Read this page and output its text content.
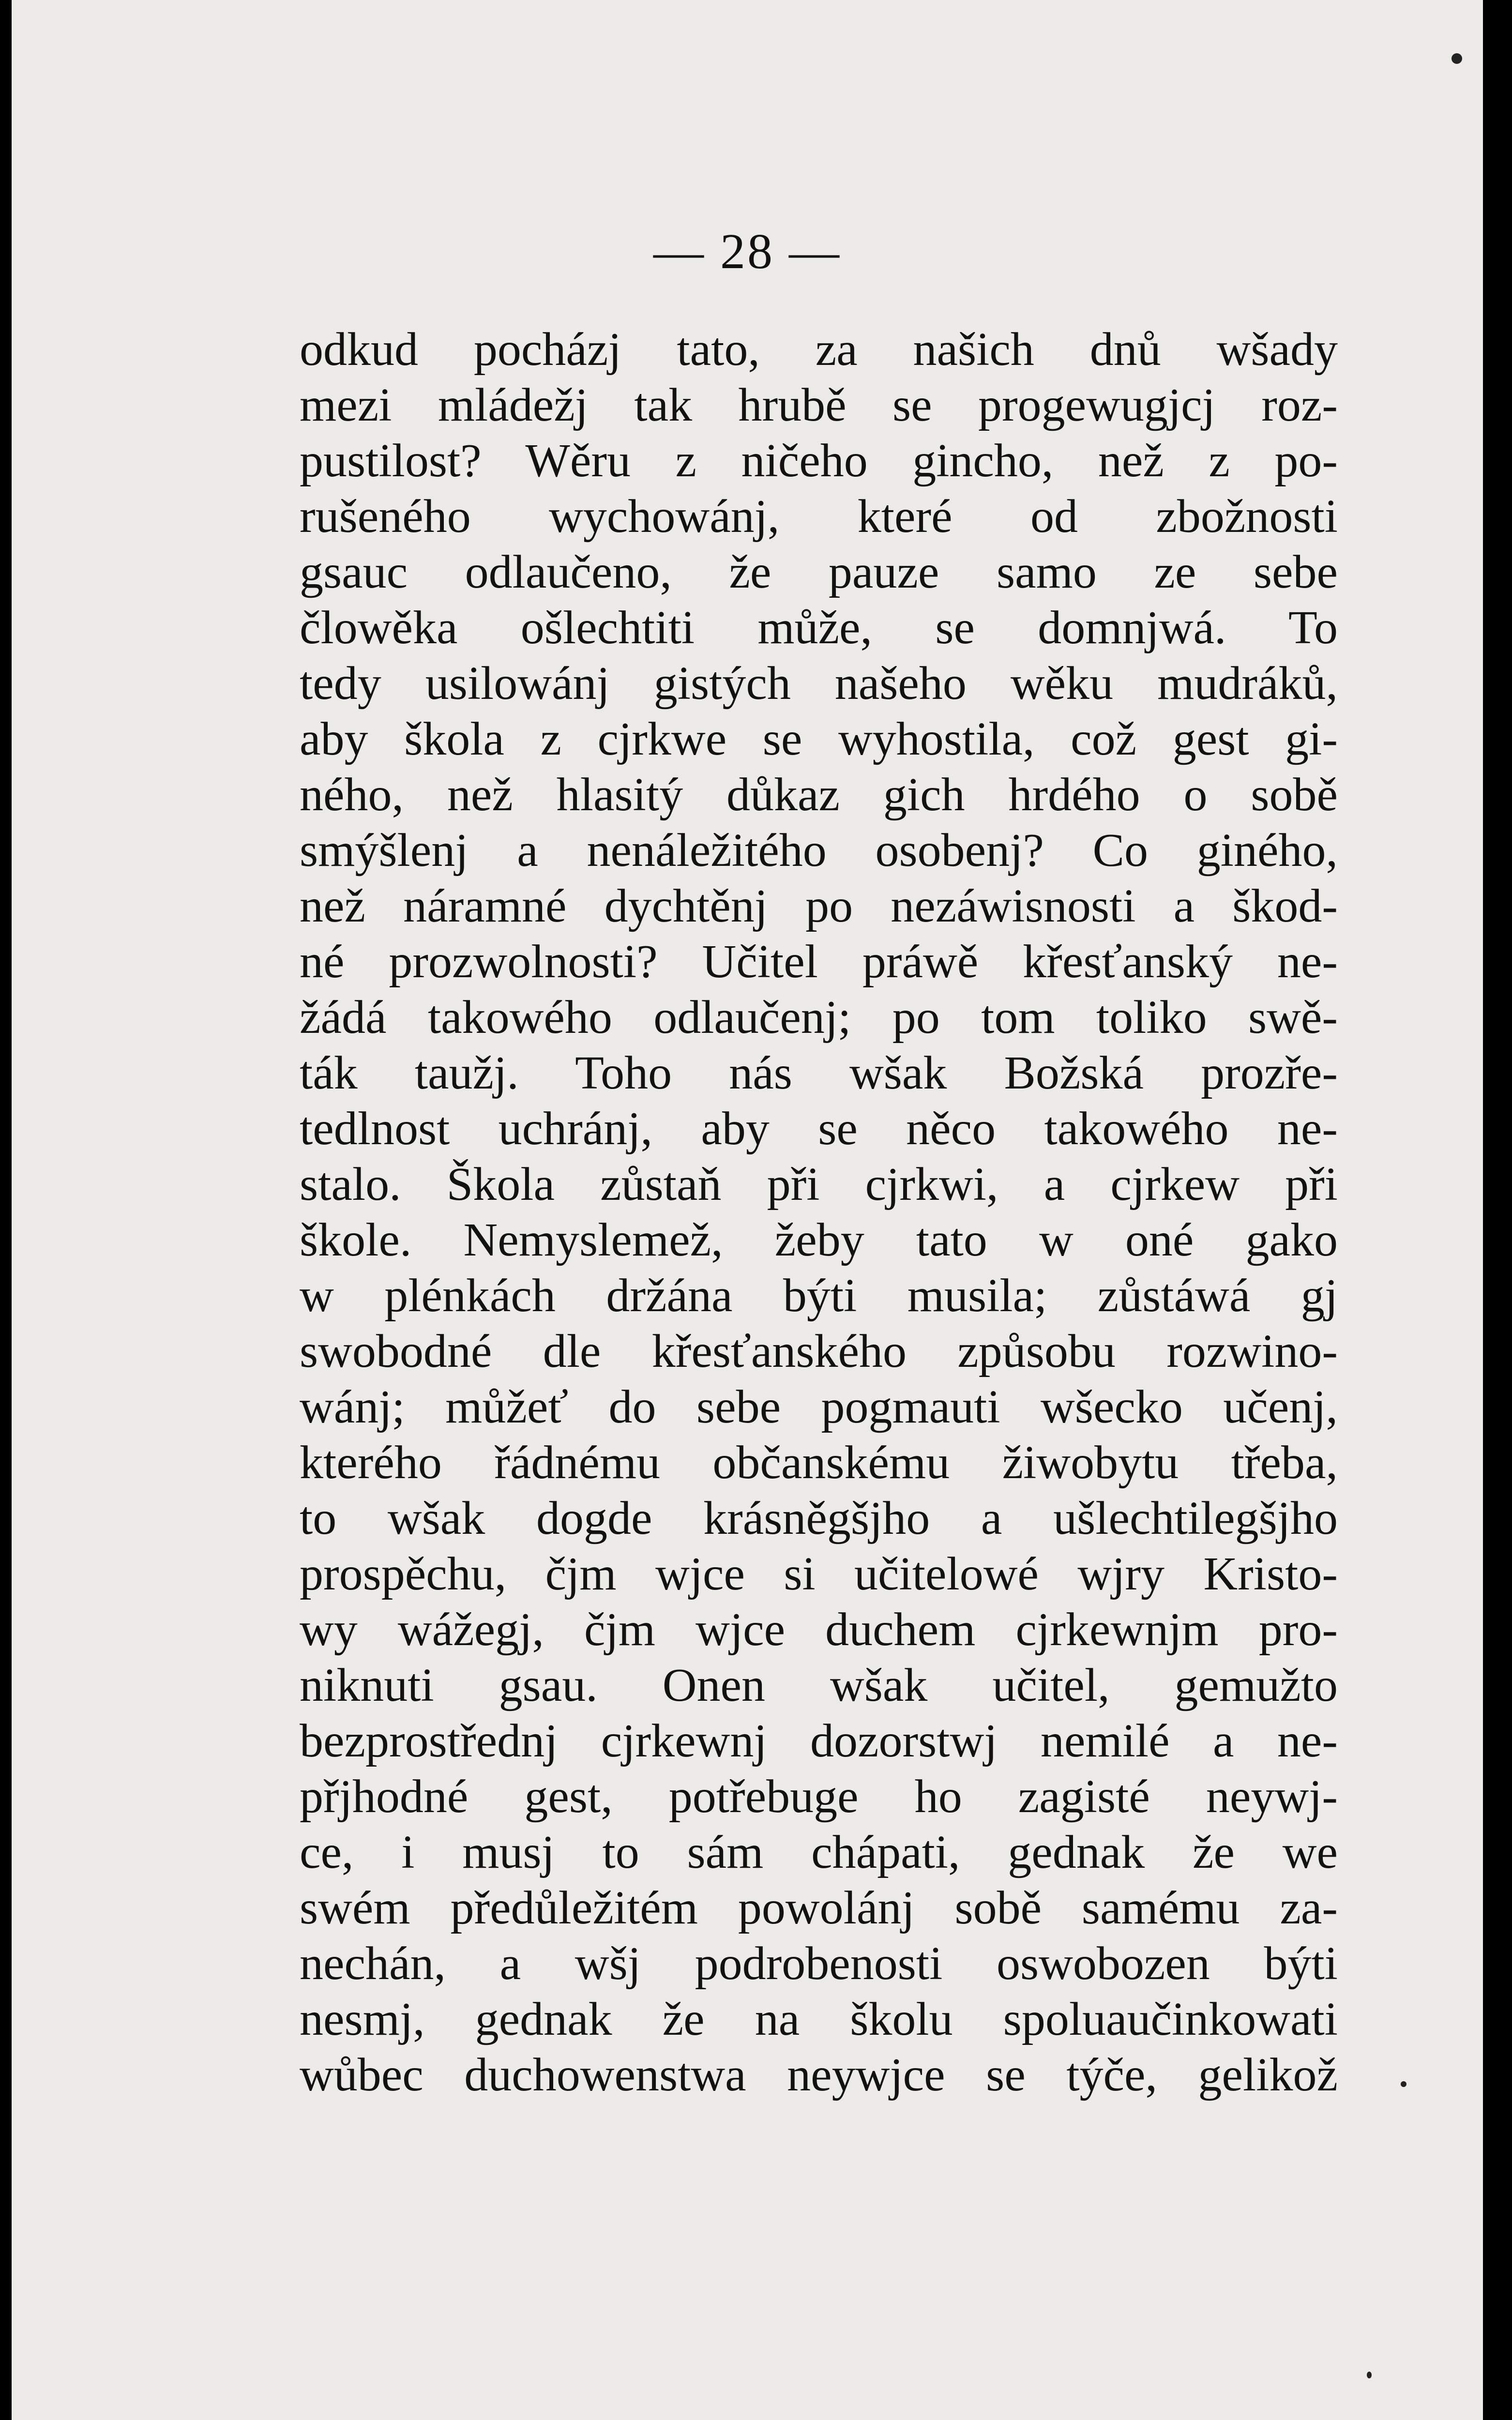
— 28 —
odkud pocházj tato, za našich dnů wšady
mezi mládežj tak hrubě se progewugjcj roz-
pustilost? Wěru z ničeho gincho, než z po-
rušeného wychowánj, které od zbožnosti
gsauc odlaučeno, že pauze samo ze sebe
člowěka ošlechtiti může, se domnjwá. To
tedy usilowánj gistých našeho wěku mudráků,
aby škola z cjrkwe se wyhostila, což gest gi-
ného, než hlasitý důkaz gich hrdého o sobě
smýšlenj a nenáležitého osobenj? Co giného,
než náramné dychtěnj po nezáwisnosti a škod-
né prozwolnosti? Učitel práwě křesťanský ne-
žádá takowého odlaučenj; po tom toliko swě-
ták taužj. Toho nás wšak Božská prozře-
tedlnost uchránj, aby se něco takowého ne-
stalo. Škola zůstaň při cjrkwi, a cjrkew při
škole. Nemyslemež, žeby tato w oné gako
w plénkách držána býti musila; zůstáwá gj
swobodné dle křesťanského způsobu rozwino-
wánj; můžeť do sebe pogmauti wšecko učenj,
kterého řádnému občanskému žiwobytu třeba,
to wšak dogde krásněgšjho a ušlechtilegšjho
prospěchu, čjm wjce si učitelowé wjry Kristo-
wy wážegj, čjm wjce duchem cjrkewnjm pro-
niknuti gsau. Onen wšak učitel, gemužto
bezprostřednj cjrkewnj dozorstwj nemilé a ne-
přjhodné gest, potřebuge ho zagisté neywj-
ce, i musj to sám chápati, gednak že we
swém předůležitém powolánj sobě samému za-
nechán, a wšj podrobenosti oswobozen býti
nesmj, gednak že na školu spoluaučinkowati
wůbec duchowenstwa neywjce se týče, gelikož
